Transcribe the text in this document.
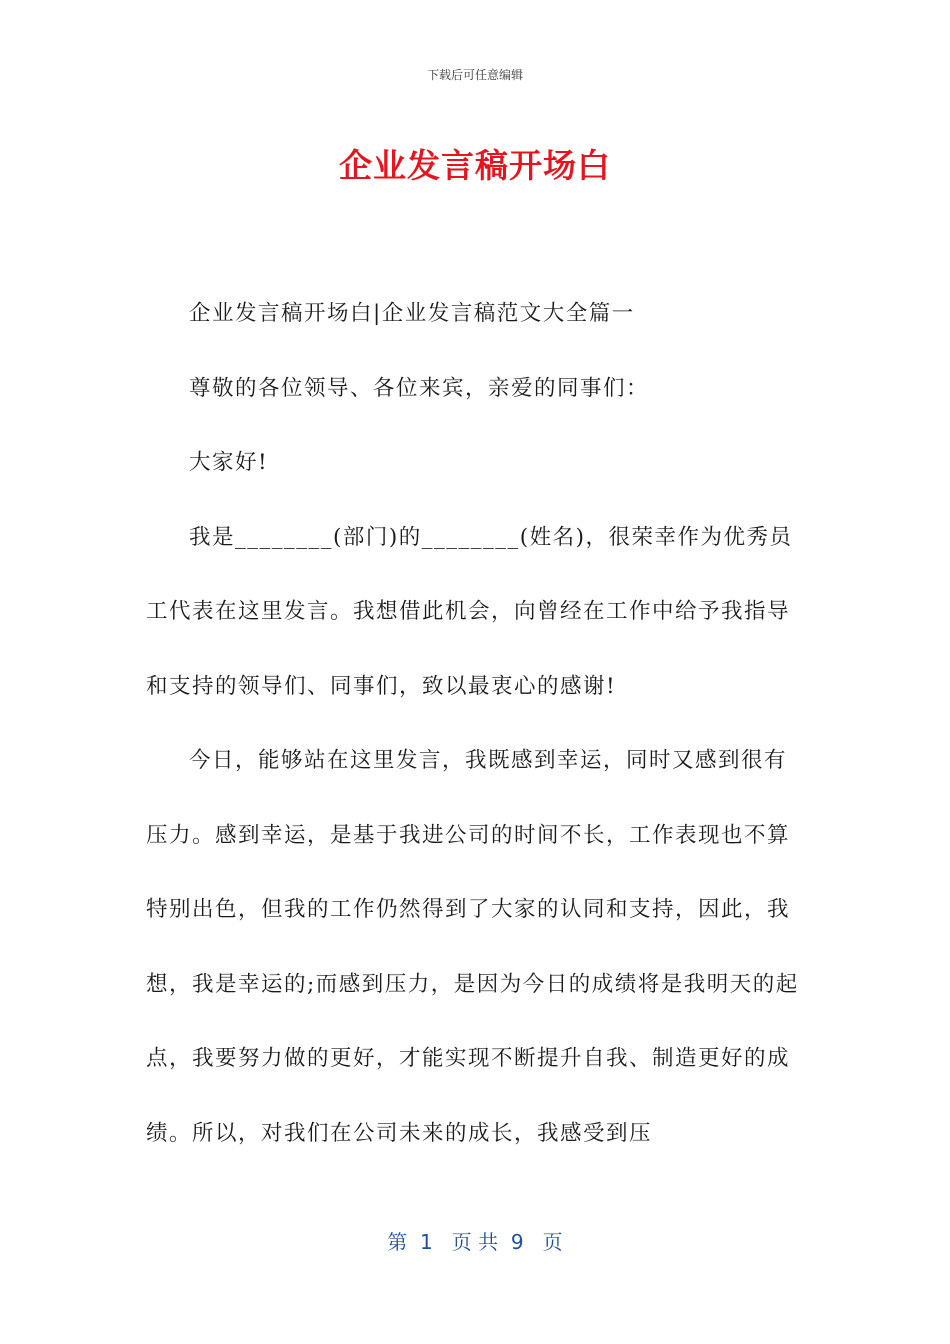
下载后可任意编辑
企业发言稿开场白

企业发言稿开场白|企业发言稿范文大全篇一

尊敬的各位领导、各位来宾，亲爱的同事们：

大家好!

我是________(部门)的________(姓名)，很荣幸作为优秀员工代表在这里发言。我想借此机会，向曾经在工作中给予我指导和支持的领导们、同事们，致以最衷心的感谢!

今日，能够站在这里发言，我既感到幸运，同时又感到很有压力。感到幸运，是基于我进公司的时间不长，工作表现也不算特别出色，但我的工作仍然得到了大家的认同和支持，因此，我想，我是幸运的;而感到压力，是因为今日的成绩将是我明天的起点，我要努力做的更好，才能实现不断提升自我、制造更好的成绩。所以，对我们在公司未来的成长，我感受到压

第  1   页 共  9   页
